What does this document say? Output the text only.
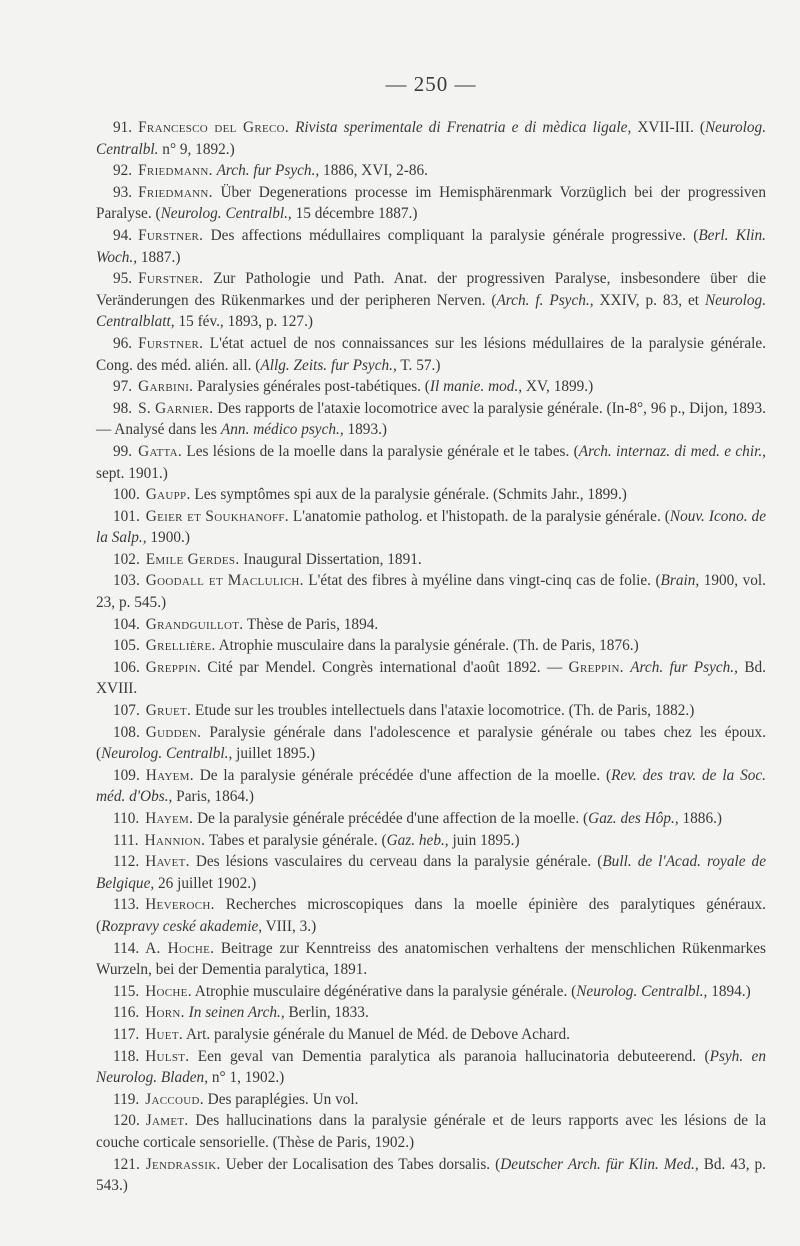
— 250 —

91. Francesco del Greco. Rivista sperimentale di Frenatria e di mèdica ligale, XVII-III. (Neurolog. Centralbl. n° 9, 1892.)

92. Friedmann. Arch. fur Psych., 1886, XVI, 2-86.

93. Friedmann. Über Degenerations processe im Hemisphärenmark Vorzüglich bei der progressiven Paralyse. (Neurolog. Centralbl., 15 décembre 1887.)

94. Furstner. Des affections médullaires compliquant la paralysie générale progressive. (Berl. Klin. Woch., 1887.)

95. Furstner. Zur Pathologie und Path. Anat. der progressiven Paralyse, insbesondere über die Veränderungen des Rükenmarkes und der peripheren Nerven. (Arch. f. Psych., XXIV, p. 83, et Neurolog. Centralblatt, 15 fév., 1893, p. 127.)

96. Furstner. L'état actuel de nos connaissances sur les lésions médullaires de la paralysie générale. Cong. des méd. alién. all. (Allg. Zeits. fur Psych., T. 57.)

97. Garbini. Paralysies générales post-tabétiques. (Il manie. mod., XV, 1899.)

98. S. Garnier. Des rapports de l'ataxie locomotrice avec la paralysie générale. (In-8°, 96 p., Dijon, 1893. — Analysé dans les Ann. médico psych., 1893.)

99. Gatta. Les lésions de la moelle dans la paralysie générale et le tabes. (Arch. internaz. di med. e chir., sept. 1901.)

100. Gaupp. Les symptômes spi aux de la paralysie générale. (Schmits Jahr., 1899.)

101. Geier et Soukhanoff. L'anatomie patholog. et l'histopath. de la paralysie générale. (Nouv. Icono. de la Salp., 1900.)

102. Emile Gerdes. Inaugural Dissertation, 1891.

103. Goodall et Maclulich. L'état des fibres à myéline dans vingt-cinq cas de folie. (Brain, 1900, vol. 23, p. 545.)

104. Grandguillot. Thèse de Paris, 1894.

105. Grellière. Atrophie musculaire dans la paralysie générale. (Th. de Paris, 1876.)

106. Greppin. Cité par Mendel. Congrès international d'août 1892. — Greppin. Arch. fur Psych., Bd. XVIII.

107. Gruet. Etude sur les troubles intellectuels dans l'ataxie locomotrice. (Th. de Paris, 1882.)

108. Gudden. Paralysie générale dans l'adolescence et paralysie générale ou tabes chez les époux. (Neurolog. Centralbl., juillet 1895.)

109. Hayem. De la paralysie générale précédée d'une affection de la moelle. (Rev. des trav. de la Soc. méd. d'Obs., Paris, 1864.)

110. Hayem. De la paralysie générale précédée d'une affection de la moelle. (Gaz. des Hôp., 1886.)

111. Hannion. Tabes et paralysie générale. (Gaz. heb., juin 1895.)

112. Havet. Des lésions vasculaires du cerveau dans la paralysie générale. (Bull. de l'Acad. royale de Belgique, 26 juillet 1902.)

113. Heveroch. Recherches microscopiques dans la moelle épinière des paralytiques généraux. (Rozpravy ceské akademie, VIII, 3.)

114. A. Hoche. Beitrage zur Kenntreiss des anatomischen verhaltens der menschlichen Rükenmarkes Wurzeln, bei der Dementia paralytica, 1891.

115. Hoche. Atrophie musculaire dégénérative dans la paralysie générale. (Neurolog. Centralbl., 1894.)

116. Horn. In seinen Arch., Berlin, 1833.

117. Huet. Art. paralysie générale du Manuel de Méd. de Debove Achard.

118. Hulst. Een geval van Dementia paralytica als paranoia hallucinatoria debuteerend. (Psyh. en Neurolog. Bladen, n° 1, 1902.)

119. Jaccoud. Des paraplégies. Un vol.

120. Jamet. Des hallucinations dans la paralysie générale et de leurs rapports avec les lésions de la couche corticale sensorielle. (Thèse de Paris, 1902.)

121. Jendrassik. Ueber der Localisation des Tabes dorsalis. (Deutscher Arch. für Klin. Med., Bd. 43, p. 543.)
